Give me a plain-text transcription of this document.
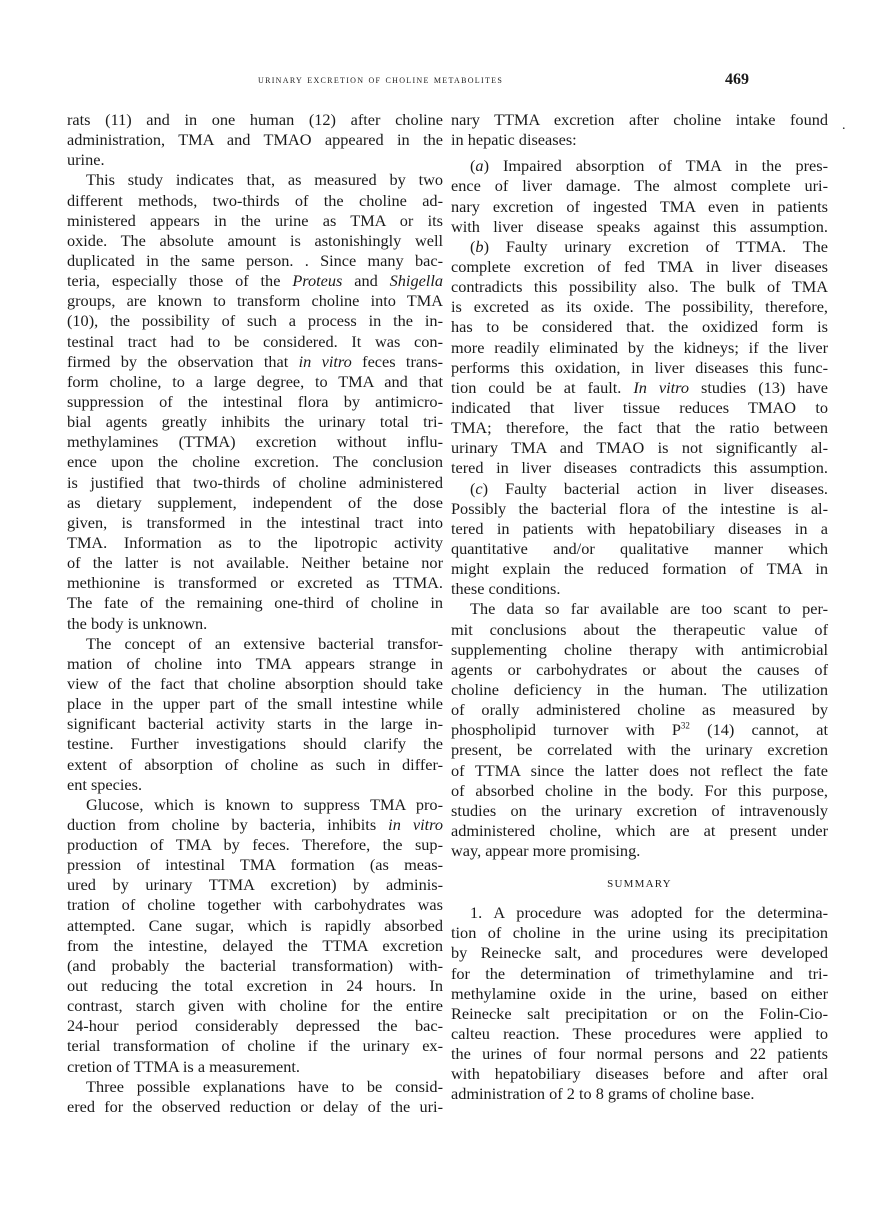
urinary excretion of choline metabolites	469
.
rats (11) and in one human (12) after choline
administration, TMA and TMAO appeared in the
urine.
This study indicates that, as measured by two
different methods, two-thirds of the choline ad-
ministered appears in the urine as TMA or its
oxide. The absolute amount is astonishingly well
duplicated in the same person. . Since many bac-
teria, especially those of the Proteus and Shigella
groups, are known to transform choline into TMA
(10), the possibility of such a process in the in-
testinal tract had to be considered. It was con-
firmed by the observation that in vitro feces trans-
form choline, to a large degree, to TMA and that
suppression of the intestinal flora by antimicro-
bial agents greatly inhibits the urinary total tri-
methylamines (TTMA) excretion without influ-
ence upon the choline excretion. The conclusion
is justified that two-thirds of choline administered
as dietary supplement, independent of the dose
given, is transformed in the intestinal tract into
TMA. Information as to the lipotropic activity
of the latter is not available. Neither betaine nor
methionine is transformed or excreted as TTMA.
The fate of the remaining one-third of choline in
the body is unknown.
The concept of an extensive bacterial transfor-
mation of choline into TMA appears strange in
view of the fact that choline absorption should take
place in the upper part of the small intestine while
significant bacterial activity starts in the large in-
testine. Further investigations should clarify the
extent of absorption of choline as such in differ-
ent species.
Glucose, which is known to suppress TMA pro-
duction from choline by bacteria, inhibits in vitro
production of TMA by feces. Therefore, the sup-
pression of intestinal TMA formation (as meas-
ured by urinary TTMA excretion) by adminis-
tration of choline together with carbohydrates was
attempted. Cane sugar, which is rapidly absorbed
from the intestine, delayed the TTMA excretion
(and probably the bacterial transformation) with-
out reducing the total excretion in 24 hours. In
contrast, starch given with choline for the entire
24-hour period considerably depressed the bac-
terial transformation of choline if the urinary ex-
cretion of TTMA is a measurement.
Three possible explanations have to be consid-
ered for the observed reduction or delay of the uri-
nary TTMA excretion after choline intake found
in hepatic diseases:
(a) Impaired absorption of TMA in the pres-
ence of liver damage. The almost complete uri-
nary excretion of ingested TMA even in patients
with liver disease speaks against this assumption.
(b) Faulty urinary excretion of TTMA. The
complete excretion of fed TMA in liver diseases
contradicts this possibility also. The bulk of TMA
is excreted as its oxide. The possibility, therefore,
has to be considered that. the oxidized form is
more readily eliminated by the kidneys; if the liver
performs this oxidation, in liver diseases this func-
tion could be at fault. In vitro studies (13) have
indicated that liver tissue reduces TMAO to
TMA; therefore, the fact that the ratio between
urinary TMA and TMAO is not significantly al-
tered in liver diseases contradicts this assumption.
(c) Faulty bacterial action in liver diseases.
Possibly the bacterial flora of the intestine is al-
tered in patients with hepatobiliary diseases in a
quantitative and/or qualitative manner which
might explain the reduced formation of TMA in
these conditions.
The data so far available are too scant to per-
mit conclusions about the therapeutic value of
supplementing choline therapy with antimicrobial
agents or carbohydrates or about the causes of
choline deficiency in the human. The utilization
of orally administered choline as measured by
phospholipid turnover with $P^{32}$ (14) cannot, at
present, be correlated with the urinary excretion
of TTMA since the latter does not reflect the fate
of absorbed choline in the body. For this purpose,
studies on the urinary excretion of intravenously
administered choline, which are at present under
way, appear more promising.
SUMMARY
1. A procedure was adopted for the determina-
tion of choline in the urine using its precipitation
by Reinecke salt, and procedures were developed
for the determination of trimethylamine and tri-
methylamine oxide in the urine, based on either
Reinecke salt precipitation or on the Folin-Cio-
calteu reaction. These procedures were applied to
the urines of four normal persons and 22 patients
with hepatobiliary diseases before and after oral
administration of 2 to 8 grams of choline base.
